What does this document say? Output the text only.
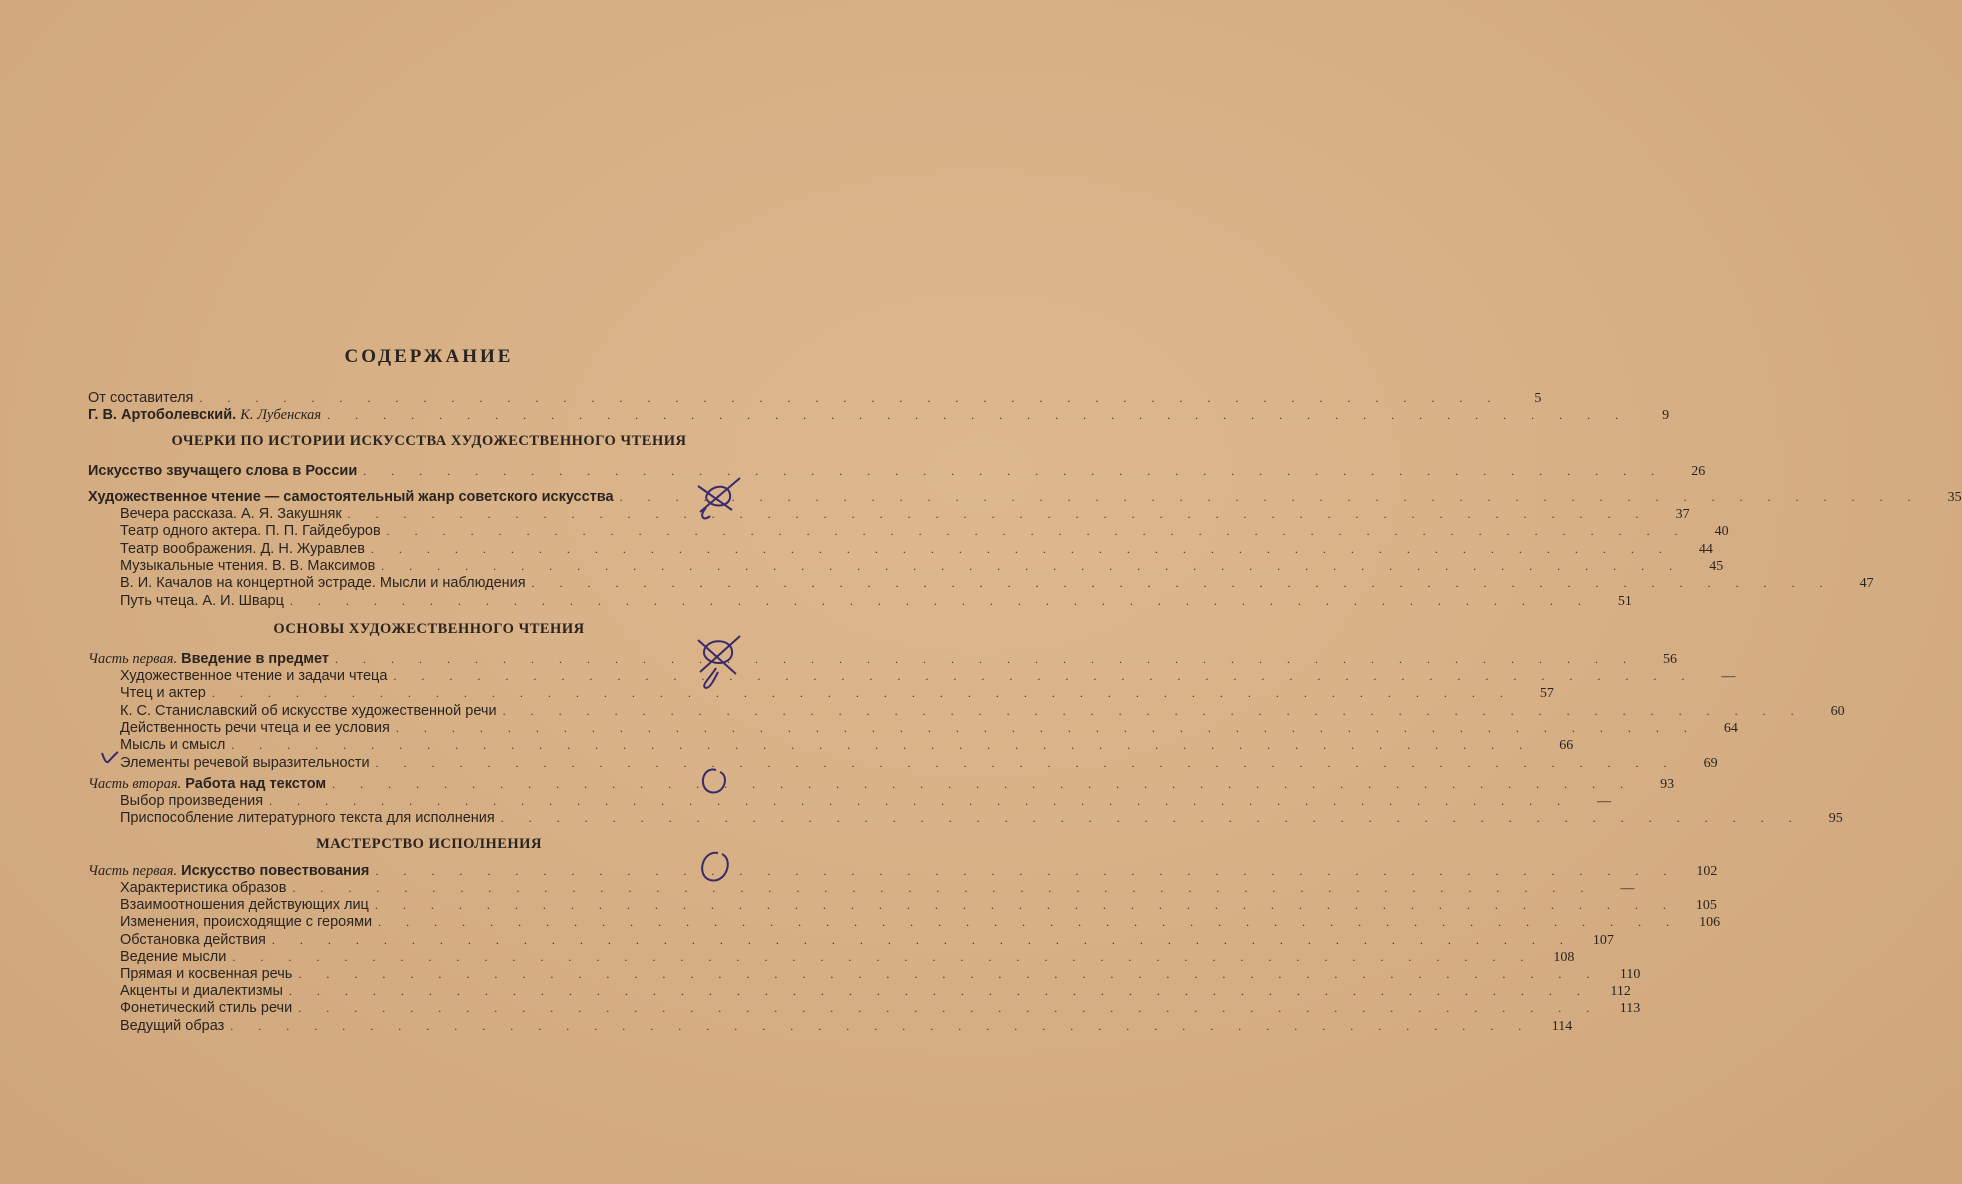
СОДЕРЖАНИЕ
От составителя . . . . . . . . . . . . . . . . . . . . . . . . . . . . . . . . . . . . . . . . . . . . . . .	5
Г. В. Артоболевский. К. Лубенская . . . . . . . . . . . . . . . . . . . . . . . . . . . . . . . . . . . . . . . . . . . . . . .	9
ОЧЕРКИ ПО ИСТОРИИ ИСКУССТВА ХУДОЖЕСТВЕННОГО ЧТЕНИЯ
Искусство звучащего слова в России . . . . . . . . . . . . . . . . . . . . . . . . . . . . . . . . . . . . . . . . . . . . . . .	26
Художественное чтение — самостоятельный жанр советского искусства . . . . . . . . . . . . . . . . . . . . . . . . . . . . . . . . . . . . . . . . . . . . . . .	35
Вечера рассказа. А. Я. Закушняк . . . . . . . . . . . . . . . . . . . . . . . . . . . . . . . . . . . . . . . . . . . . . . .	37
Театр одного актера. П. П. Гайдебуров . . . . . . . . . . . . . . . . . . . . . . . . . . . . . . . . . . . . . . . . . . . . . . .	40
Театр воображения. Д. Н. Журавлев . . . . . . . . . . . . . . . . . . . . . . . . . . . . . . . . . . . . . . . . . . . . . . .	44
Музыкальные чтения. В. В. Максимов . . . . . . . . . . . . . . . . . . . . . . . . . . . . . . . . . . . . . . . . . . . . . . .	45
В. И. Качалов на концертной эстраде. Мысли и наблюдения . . . . . . . . . . . . . . . . . . . . . . . . . . . . . . . . . . . . . . . . . . . . . . .	47
Путь чтеца. А. И. Шварц . . . . . . . . . . . . . . . . . . . . . . . . . . . . . . . . . . . . . . . . . . . . . . .	51
ОСНОВЫ ХУДОЖЕСТВЕННОГО ЧТЕНИЯ
Часть первая. Введение в предмет . . . . . . . . . . . . . . . . . . . . . . . . . . . . . . . . . . . . . . . . . . . . . . .	56
Художественное чтение и задачи чтеца . . . . . . . . . . . . . . . . . . . . . . . . . . . . . . . . . . . . . . . . . . . . . . .	—
Чтец и актер . . . . . . . . . . . . . . . . . . . . . . . . . . . . . . . . . . . . . . . . . . . . . . .	57
К. С. Станиславский об искусстве художественной речи . . . . . . . . . . . . . . . . . . . . . . . . . . . . . . . . . . . . . . . . . . . . . . .	60
Действенность речи чтеца и ее условия . . . . . . . . . . . . . . . . . . . . . . . . . . . . . . . . . . . . . . . . . . . . . . .	64
Мысль и смысл . . . . . . . . . . . . . . . . . . . . . . . . . . . . . . . . . . . . . . . . . . . . . . .	66
Элементы речевой выразительности . . . . . . . . . . . . . . . . . . . . . . . . . . . . . . . . . . . . . . . . . . . . . . .	69
Часть вторая. Работа над текстом . . . . . . . . . . . . . . . . . . . . . . . . . . . . . . . . . . . . . . . . . . . . . . .	93
Выбор произведения . . . . . . . . . . . . . . . . . . . . . . . . . . . . . . . . . . . . . . . . . . . . . . .	—
Приспособление литературного текста для исполнения . . . . . . . . . . . . . . . . . . . . . . . . . . . . . . . . . . . . . . . . . . . . . . .	95
МАСТЕРСТВО ИСПОЛНЕНИЯ
Часть первая. Искусство повествования . . . . . . . . . . . . . . . . . . . . . . . . . . . . . . . . . . . . . . . . . . . . . . .	102
Характеристика образов . . . . . . . . . . . . . . . . . . . . . . . . . . . . . . . . . . . . . . . . . . . . . . .	—
Взаимоотношения действующих лиц . . . . . . . . . . . . . . . . . . . . . . . . . . . . . . . . . . . . . . . . . . . . . . .	105
Изменения, происходящие с героями . . . . . . . . . . . . . . . . . . . . . . . . . . . . . . . . . . . . . . . . . . . . . . .	106
Обстановка действия . . . . . . . . . . . . . . . . . . . . . . . . . . . . . . . . . . . . . . . . . . . . . . .	107
Ведение мысли . . . . . . . . . . . . . . . . . . . . . . . . . . . . . . . . . . . . . . . . . . . . . . .	108
Прямая и косвенная речь . . . . . . . . . . . . . . . . . . . . . . . . . . . . . . . . . . . . . . . . . . . . . . .	110
Акценты и диалектизмы . . . . . . . . . . . . . . . . . . . . . . . . . . . . . . . . . . . . . . . . . . . . . . .	112
Фонетический стиль речи . . . . . . . . . . . . . . . . . . . . . . . . . . . . . . . . . . . . . . . . . . . . . . .	113
Ведущий образ . . . . . . . . . . . . . . . . . . . . . . . . . . . . . . . . . . . . . . . . . . . . . . .	114
